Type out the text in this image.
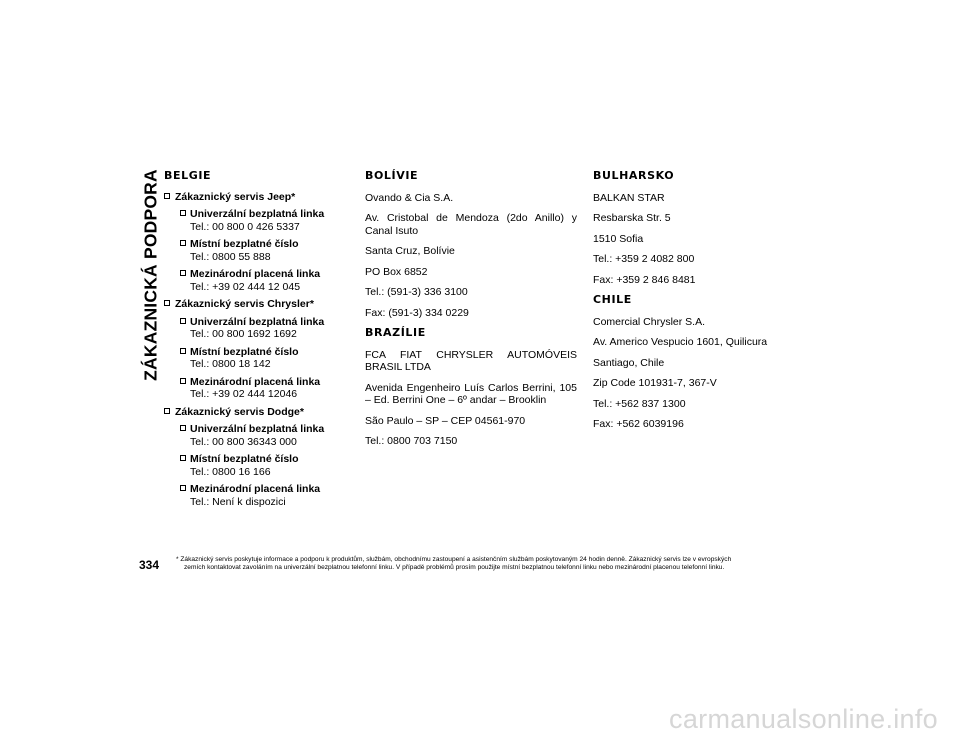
ZÁKAZNICKÁ PODPORA BELGIE
Zákaznický servis Jeep*
Univerzální bezplatná linka
Tel.: 00 800 0 426 5337
Místní bezplatné číslo
Tel.: 0800 55 888
Mezinárodní placená linka
Tel.: +39 02 444 12 045
Zákaznický servis Chrysler*
Univerzální bezplatná linka
Tel.: 00 800 1692 1692
Místní bezplatné číslo
Tel.: 0800 18 142
Mezinárodní placená linka
Tel.: +39 02 444 12046
Zákaznický servis Dodge*
Univerzální bezplatná linka
Tel.: 00 800 36343 000
Místní bezplatné číslo
Tel.: 0800 16 166
Mezinárodní placená linka
Tel.: Není k dispozici
BOLÍVIE

Ovando & Cia S.A.

Av. Cristobal de Mendoza (2do Anillo) y Canal Isuto

Santa Cruz, Bolívie

PO Box 6852

Tel.: (591-3) 336 3100

Fax: (591-3) 334 0229

BRAZÍLIE

FCA FIAT CHRYSLER AUTOMÓVEIS BRASIL LTDA

Avenida Engenheiro Luís Carlos Berrini, 105 – Ed. Berrini One – 6º andar – Brooklin

São Paulo – SP – CEP 04561-970

Tel.: 0800 703 7150

BULHARSKO

BALKAN STAR

Resbarska Str. 5

1510 Sofia

Tel.: +359 2 4082 800

Fax: +359 2 846 8481

CHILE

Comercial Chrysler S.A.

Av. Americo Vespucio 1601, Quilicura

Santiago, Chile

Zip Code 101931-7, 367-V

Tel.: +562 837 1300

Fax: +562 6039196

334	* Zákaznický servis poskytuje informace a podporu k produktům, službám, obchodnímu zastoupení a asistenčním službám poskytovaným 24 hodin denně. Zákaznický servis lze v evropských
zemích kontaktovat zavoláním na univerzální bezplatnou telefonní linku. V případě problémů prosím použijte místní bezplatnou telefonní linku nebo mezinárodní placenou telefonní linku.
carmanualsonline.info
